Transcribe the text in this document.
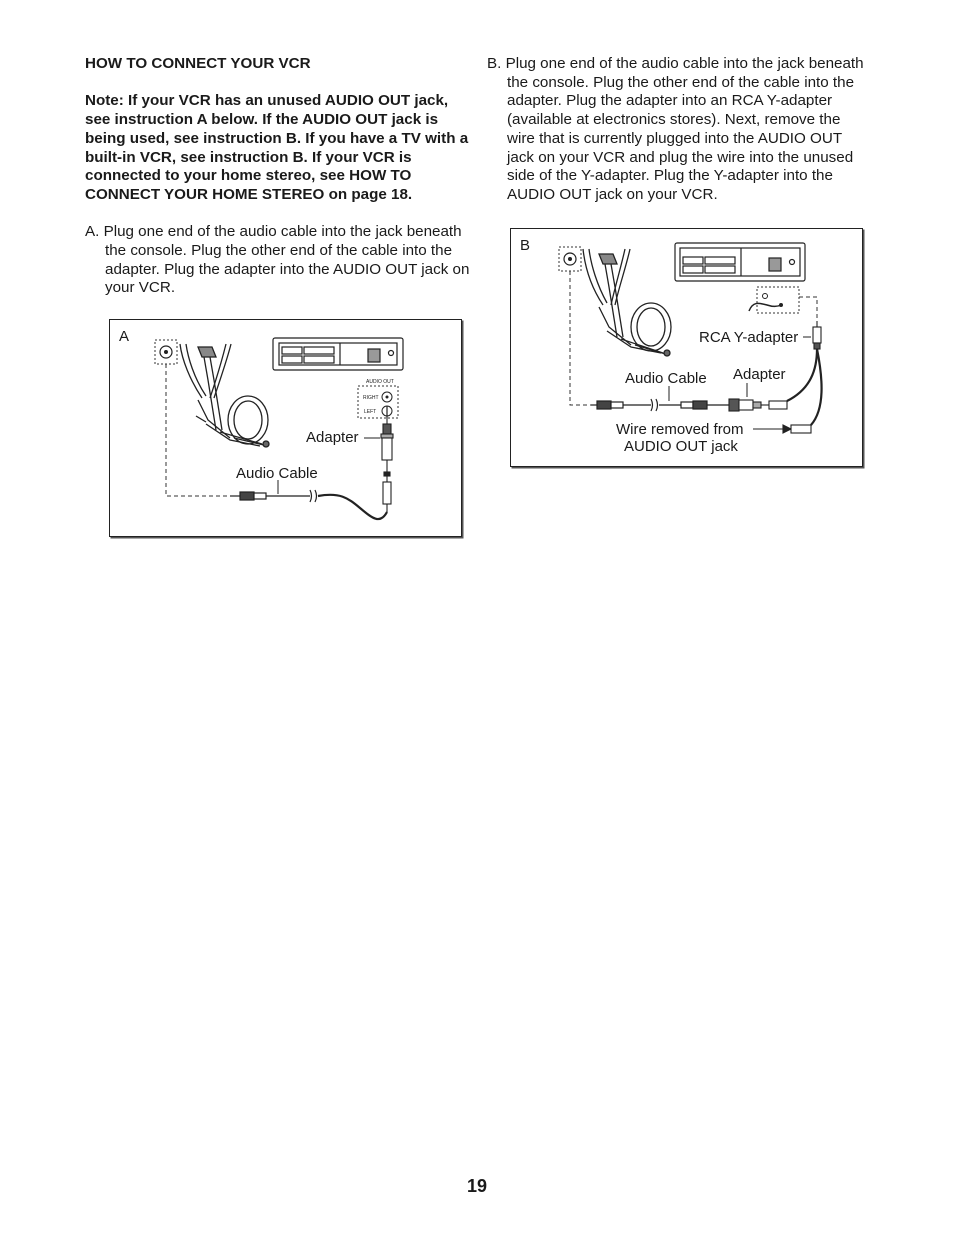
HOW TO CONNECT YOUR VCR

Note: If your VCR has an unused AUDIO OUT jack, see instruction A below. If the AUDIO OUT jack is being used, see instruction B. If you have a TV with a built-in VCR, see instruction B. If your VCR is connected to your home stereo, see HOW TO CONNECT YOUR HOME STEREO on page 18.

A. Plug one end of the audio cable into the jack beneath the console. Plug the other end of the cable into the adapter. Plug the adapter into the AUDIO OUT jack on your VCR.

B. Plug one end of the audio cable into the jack beneath the console. Plug the other end of the cable into the adapter. Plug the adapter into an RCA Y-adapter (available at electronics stores). Next, remove the wire that is currently plugged into the AUDIO OUT jack on your VCR and plug the wire into the unused side of the Y-adapter. Plug the Y-adapter into the AUDIO OUT jack on your VCR.

A
AUDIO OUT
RIGHT
LEFT
Adapter
Audio Cable
B
RCA Y-adapter
Audio Cable Adapter
Wire removed from
AUDIO OUT jack
19
